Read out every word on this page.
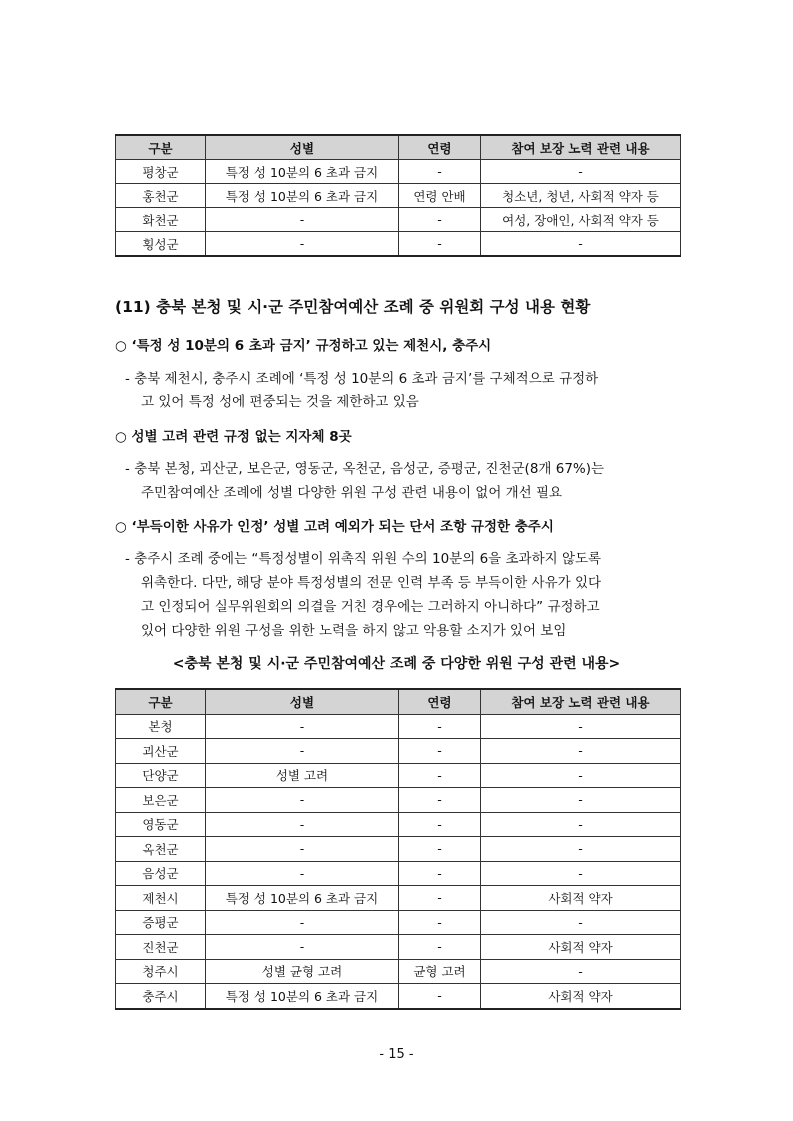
구분	성별	연령	참여 보장 노력 관련 내용
평창군	특정 성 10분의 6 초과 금지	-	-
홍천군	특정 성 10분의 6 초과 금지	연령 안배	청소년, 청년, 사회적 약자 등
화천군	-	-	여성, 장애인, 사회적 약자 등
횡성군	-	-	-
(11) 충북 본청 및 시·군 주민참여예산 조례 중 위원회 구성 내용 현황
○ ‘특정 성 10분의 6 초과 금지’ 규정하고 있는 제천시, 충주시
- 충북 제천시, 충주시 조례에 ‘특정 성 10분의 6 초과 금지’를 구체적으로 규정하
고 있어 특정 성에 편중되는 것을 제한하고 있음
○ 성별 고려 관련 규정 없는 지자체 8곳
- 충북 본청, 괴산군, 보은군, 영동군, 옥천군, 음성군, 증평군, 진천군(8개 67%)는
주민참여예산 조례에 성별 다양한 위원 구성 관련 내용이 없어 개선 필요
○ ‘부득이한 사유가 인정’ 성별 고려 예외가 되는 단서 조항 규정한 충주시
- 충주시 조례 중에는 “특정성별이 위촉직 위원 수의 10분의 6을 초과하지 않도록
위촉한다. 다만, 해당 분야 특정성별의 전문 인력 부족 등 부득이한 사유가 있다
고 인정되어 실무위원회의 의결을 거친 경우에는 그러하지 아니하다” 규정하고
있어 다양한 위원 구성을 위한 노력을 하지 않고 악용할 소지가 있어 보임
<충북 본청 및 시·군 주민참여예산 조례 중 다양한 위원 구성 관련 내용>
구분	성별	연령	참여 보장 노력 관련 내용
본청	-	-	-
괴산군	-	-	-
단양군	성별 고려	-	-
보은군	-	-	-
영동군	-	-	-
옥천군	-	-	-
음성군	-	-	-
제천시	특정 성 10분의 6 초과 금지	-	사회적 약자
증평군	-	-	-
진천군	-	-	사회적 약자
청주시	성별 균형 고려	균형 고려	-
충주시	특정 성 10분의 6 초과 금지	-	사회적 약자
- 15 -
